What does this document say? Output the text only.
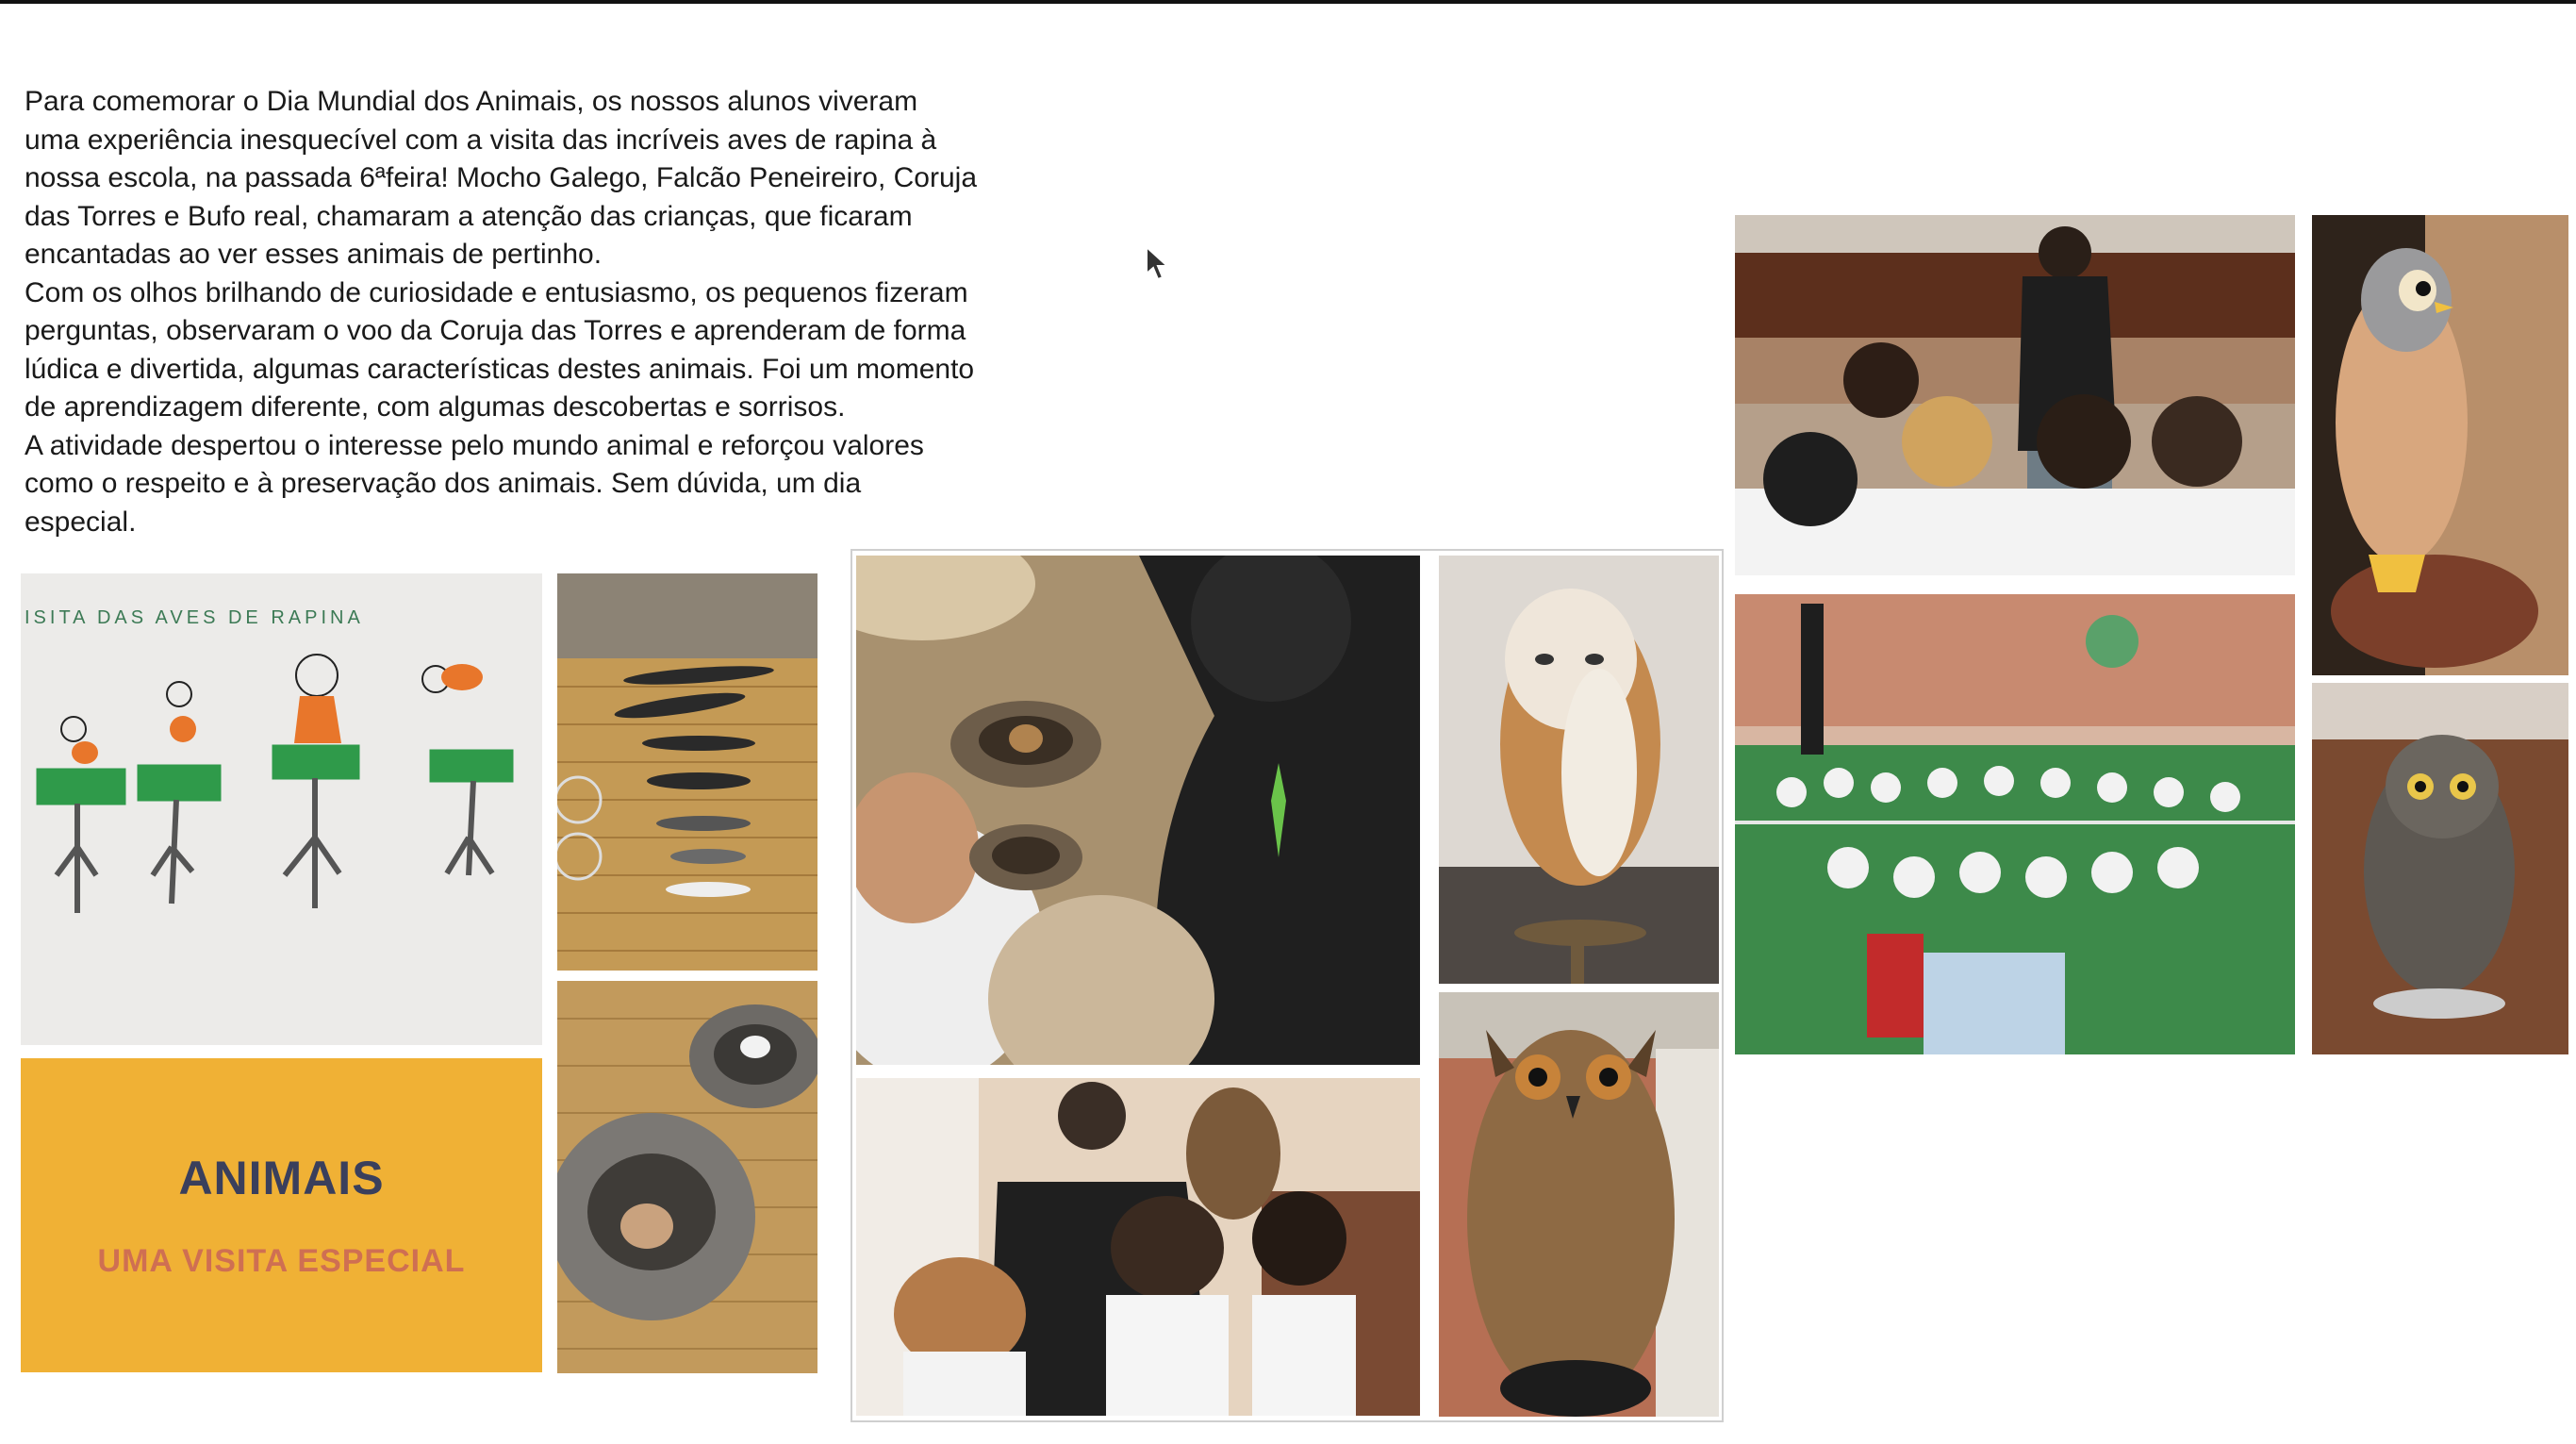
Para comemorar o Dia Mundial dos Animais, os nossos alunos viveram uma experiência inesquecível com a visita das incríveis aves de rapina à nossa escola, na passada 6ªfeira! Mocho Galego, Falcão Peneireiro, Coruja das Torres e Bufo real, chamaram a atenção das crianças, que ficaram encantadas ao ver esses animais de pertinho.

Com os olhos brilhando de curiosidade e entusiasmo, os pequenos fizeram perguntas, observaram o voo da Coruja das Torres e aprenderam de forma lúdica e divertida, algumas características destes animais. Foi um momento de aprendizagem diferente, com algumas descobertas e sorrisos.

A atividade despertou o interesse pelo mundo animal e reforçou valores como o respeito e à preservação dos animais. Sem dúvida, um dia especial.

ISITA DAS AVES DE RAPINA
ANIMAIS
UMA VISITA ESPECIAL
